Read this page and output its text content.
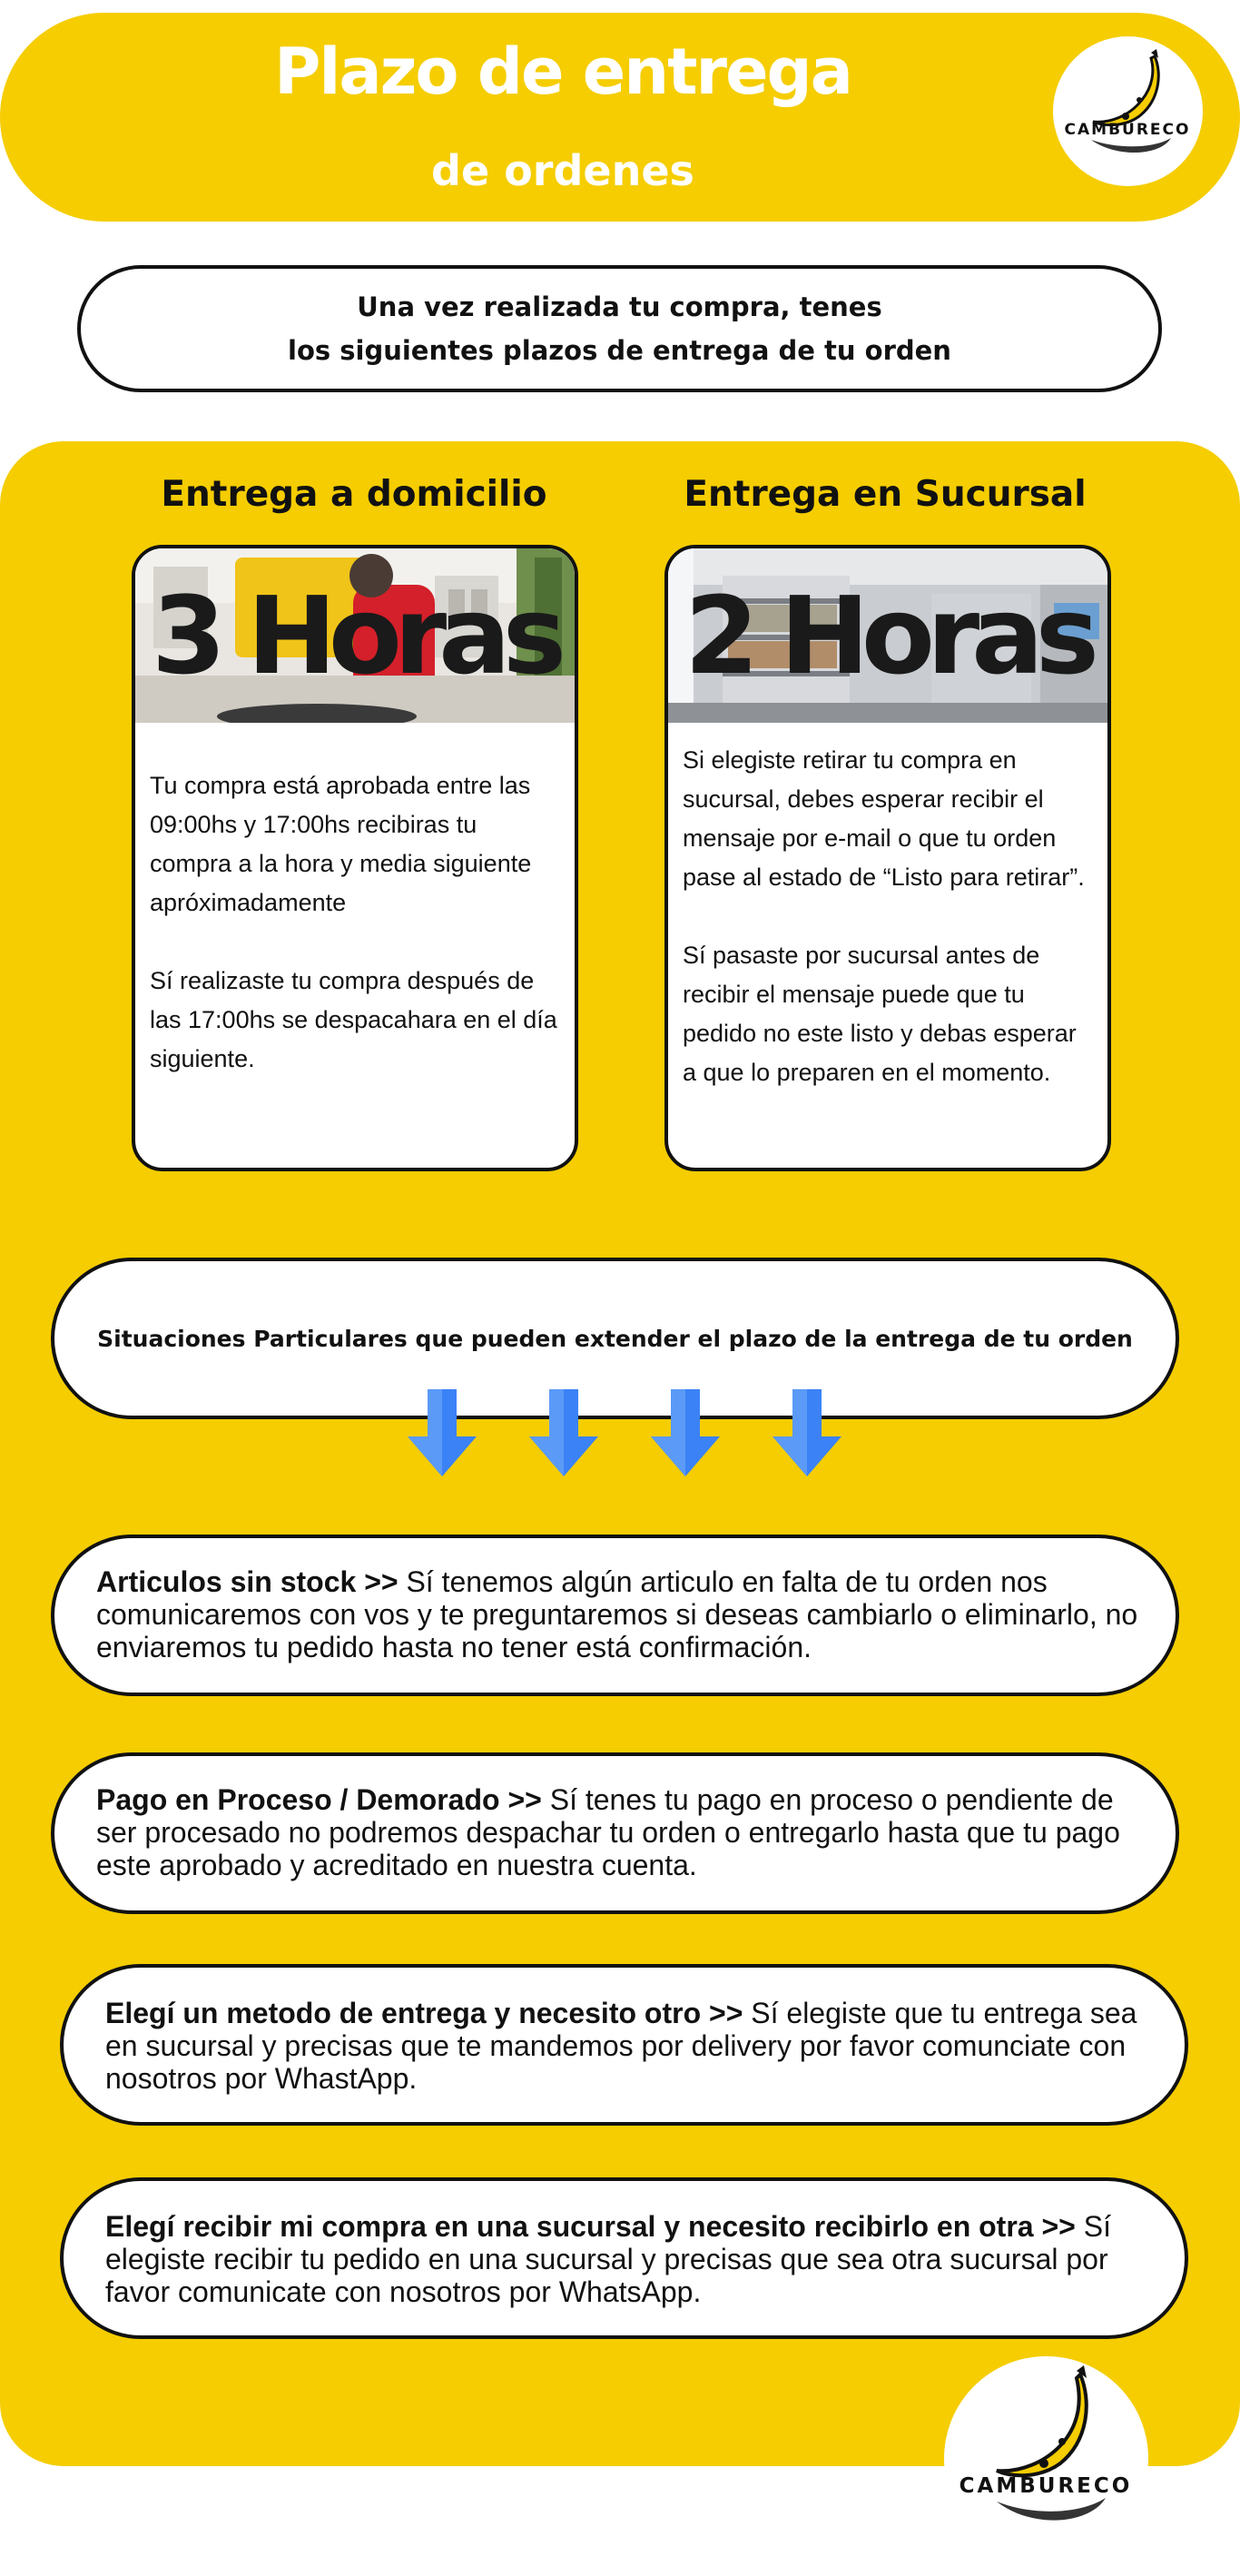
Plazo de entrega
de ordenes
CAMBURECO
Una vez realizada tu compra, tenes
los siguientes plazos de entrega de tu orden
Entrega a domicilio	Entrega en Sucursal
3 Horas

Tu compra está aprobada entre las 09:00hs y 17:00hs recibiras tu compra a la hora y media siguiente apróximadamente

Sí realizaste tu compra después de las 17:00hs se despacahara en el día siguiente.

2 Horas

Si elegiste retirar tu compra en sucursal, debes esperar recibir el mensaje por e-mail o que tu orden pase al estado de “Listo para retirar”.

Sí pasaste por sucursal antes de recibir el mensaje puede que tu pedido no este listo y debas esperar a que lo preparen en el momento.

Situaciones Particulares que pueden extender el plazo de la entrega de tu orden
Articulos sin stock >> Sí tenemos algún articulo en falta de tu orden nos comunicaremos con vos y te preguntaremos si deseas cambiarlo o eliminarlo, no enviaremos tu pedido hasta no tener está confirmación.
Pago en Proceso / Demorado >> Sí tenes tu pago en proceso o pendiente de ser procesado no podremos despachar tu orden o entregarlo hasta que tu pago este aprobado y acreditado en nuestra cuenta.
Elegí un metodo de entrega y necesito otro >> Sí elegiste que tu entrega sea en sucursal y precisas que te mandemos por delivery por favor comunciate con nosotros por WhastApp.
Elegí recibir mi compra en una sucursal y necesito recibirlo en otra >> Sí elegiste recibir tu pedido en una sucursal y precisas que sea otra sucursal por favor comunicate con nosotros por WhatsApp.
CAMBURECO
